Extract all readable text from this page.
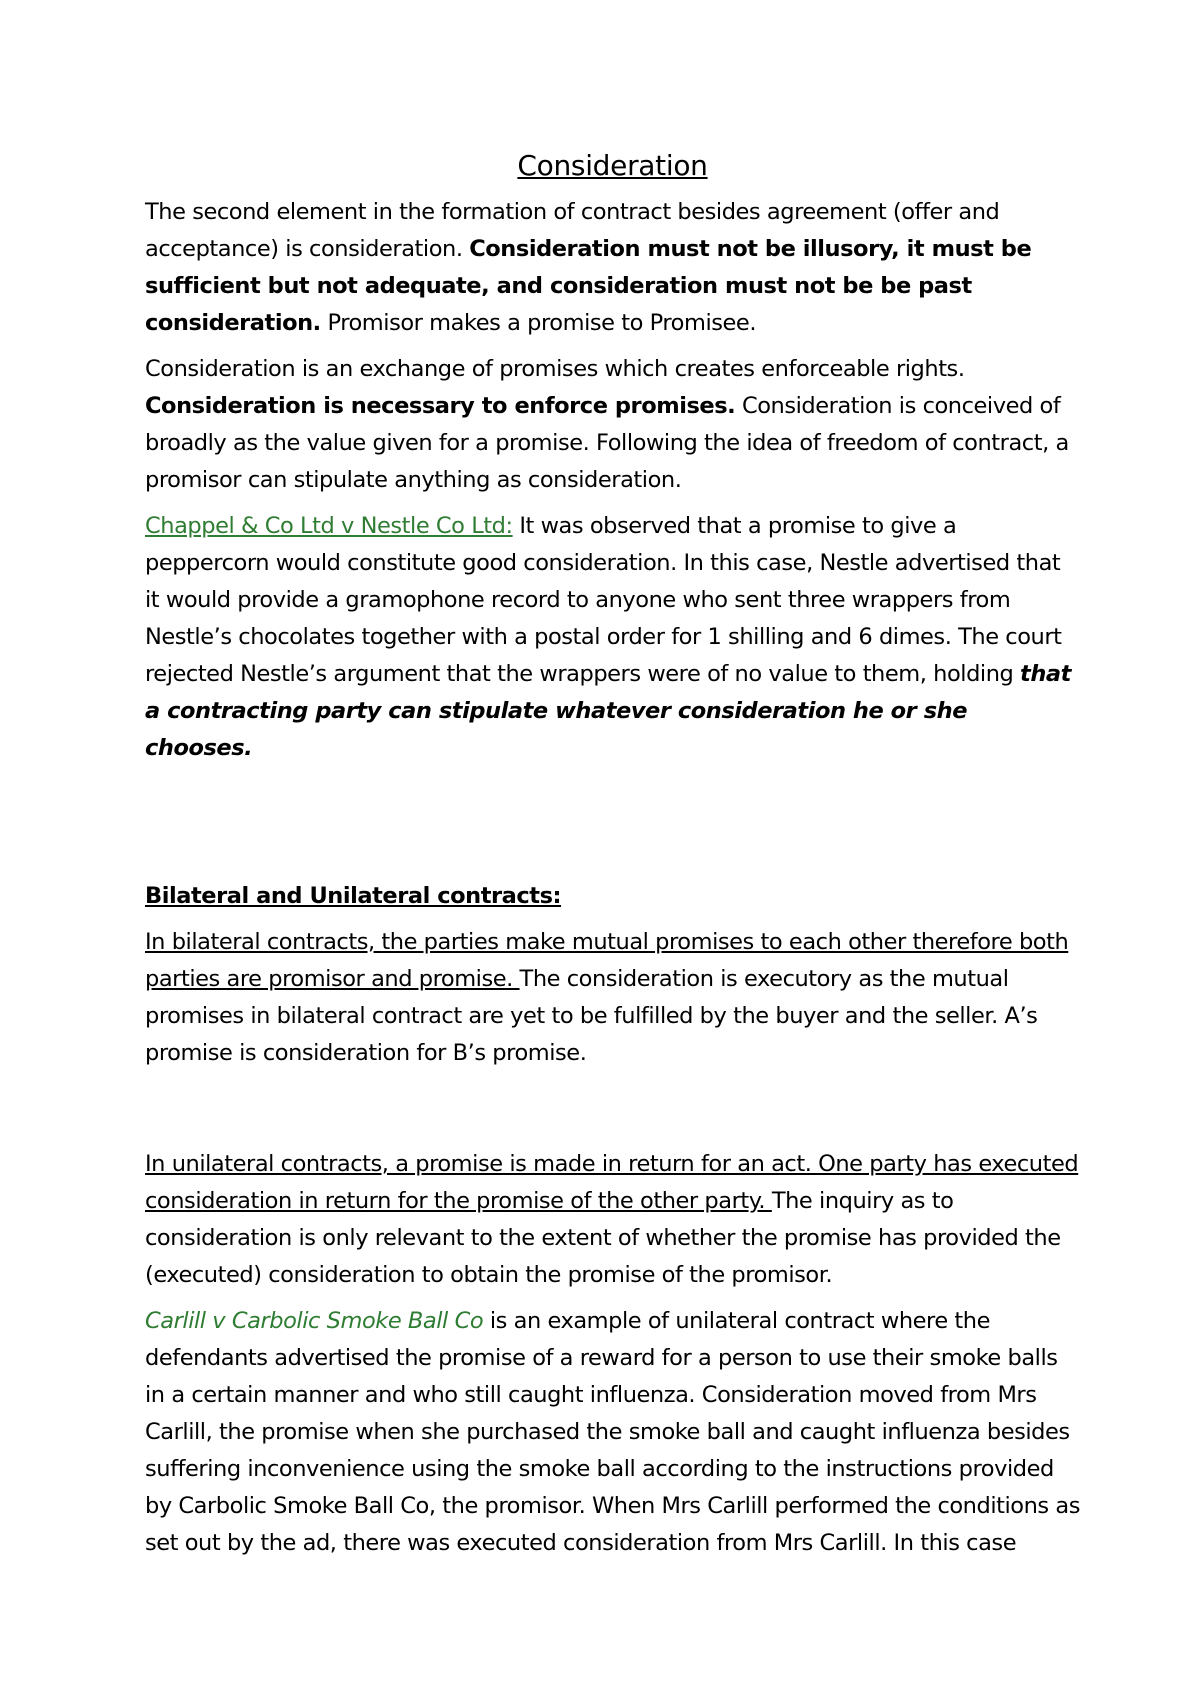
Consideration

The second element in the formation of contract besides agreement (offer and acceptance) is consideration. Consideration must not be illusory, it must be sufficient but not adequate, and consideration must not be be past consideration. Promisor makes a promise to Promisee.

Consideration is an exchange of promises which creates enforceable rights. Consideration is necessary to enforce promises. Consideration is conceived of broadly as the value given for a promise. Following the idea of freedom of contract, a promisor can stipulate anything as consideration.

Chappel & Co Ltd v Nestle Co Ltd: It was observed that a promise to give a peppercorn would constitute good consideration. In this case, Nestle advertised that it would provide a gramophone record to anyone who sent three wrappers from Nestle’s chocolates together with a postal order for 1 shilling and 6 dimes. The court rejected Nestle’s argument that the wrappers were of no value to them, holding that a contracting party can stipulate whatever consideration he or she chooses.

Bilateral and Unilateral contracts:

In bilateral contracts, the parties make mutual promises to each other therefore both parties are promisor and promise. The consideration is executory as the mutual promises in bilateral contract are yet to be fulfilled by the buyer and the seller. A’s promise is consideration for B’s promise.

In unilateral contracts, a promise is made in return for an act. One party has executed consideration in return for the promise of the other party. The inquiry as to consideration is only relevant to the extent of whether the promise has provided the (executed) consideration to obtain the promise of the promisor.

Carlill v Carbolic Smoke Ball Co is an example of unilateral contract where the defendants advertised the promise of a reward for a person to use their smoke balls in a certain manner and who still caught influenza. Consideration moved from Mrs Carlill, the promise when she purchased the smoke ball and caught influenza besides suffering inconvenience using the smoke ball according to the instructions provided by Carbolic Smoke Ball Co, the promisor. When Mrs Carlill performed the conditions as set out by the ad, there was executed consideration from Mrs Carlill. In this case
